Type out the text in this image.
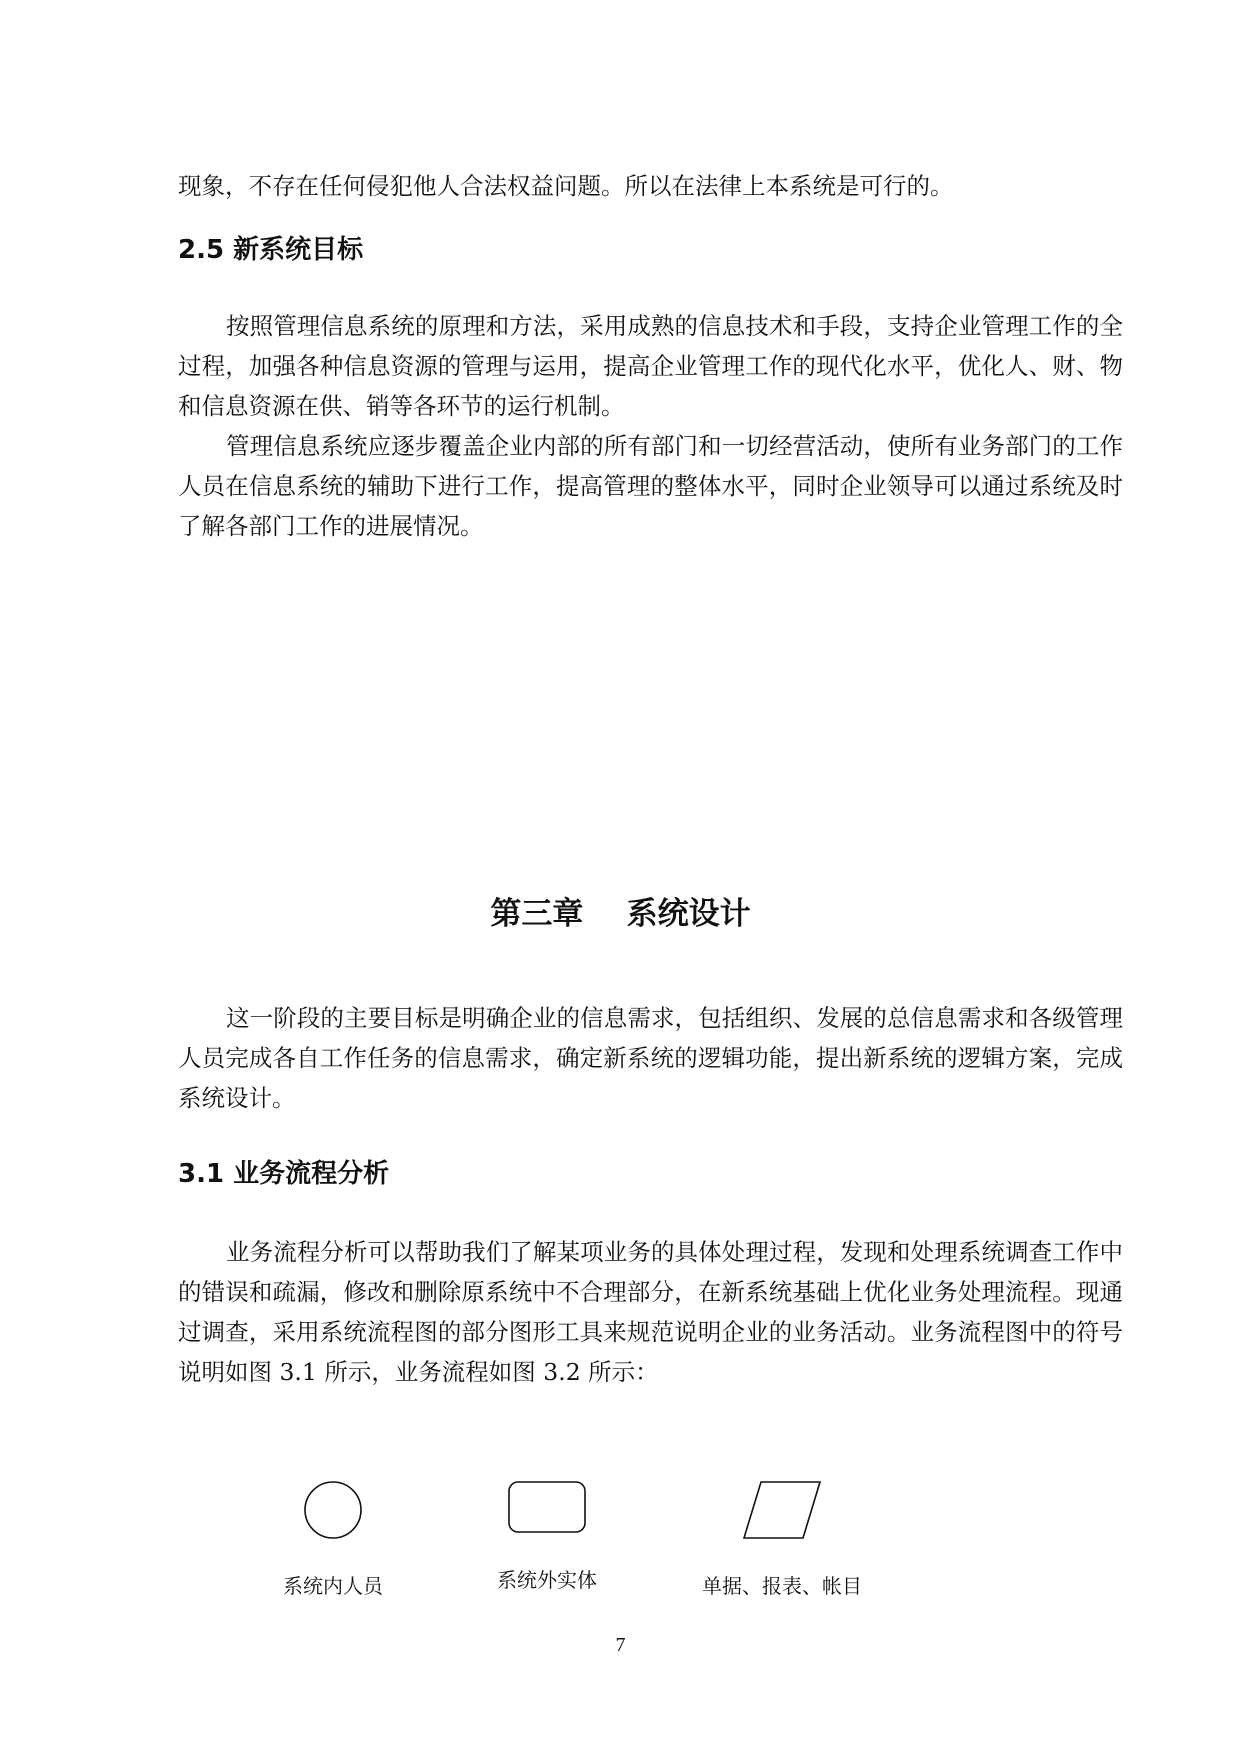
现象，不存在任何侵犯他人合法权益问题。所以在法律上本系统是可行的。

2.5 新系统目标

按照管理信息系统的原理和方法，采用成熟的信息技术和手段，支持企业管理工作的全过程，加强各种信息资源的管理与运用，提高企业管理工作的现代化水平，优化人、财、物和信息资源在供、销等各环节的运行机制。

管理信息系统应逐步覆盖企业内部的所有部门和一切经营活动，使所有业务部门的工作人员在信息系统的辅助下进行工作，提高管理的整体水平，同时企业领导可以通过系统及时了解各部门工作的进展情况。

第三章    系统设计

这一阶段的主要目标是明确企业的信息需求，包括组织、发展的总信息需求和各级管理人员完成各自工作任务的信息需求，确定新系统的逻辑功能，提出新系统的逻辑方案，完成系统设计。

3.1 业务流程分析

业务流程分析可以帮助我们了解某项业务的具体处理过程，发现和处理系统调查工作中的错误和疏漏，修改和删除原系统中不合理部分，在新系统基础上优化业务处理流程。现通过调查，采用系统流程图的部分图形工具来规范说明企业的业务活动。业务流程图中的符号说明如图 3.1 所示，业务流程如图 3.2 所示：

系统内人员	系统外实体	单据、报表、帐目
7
